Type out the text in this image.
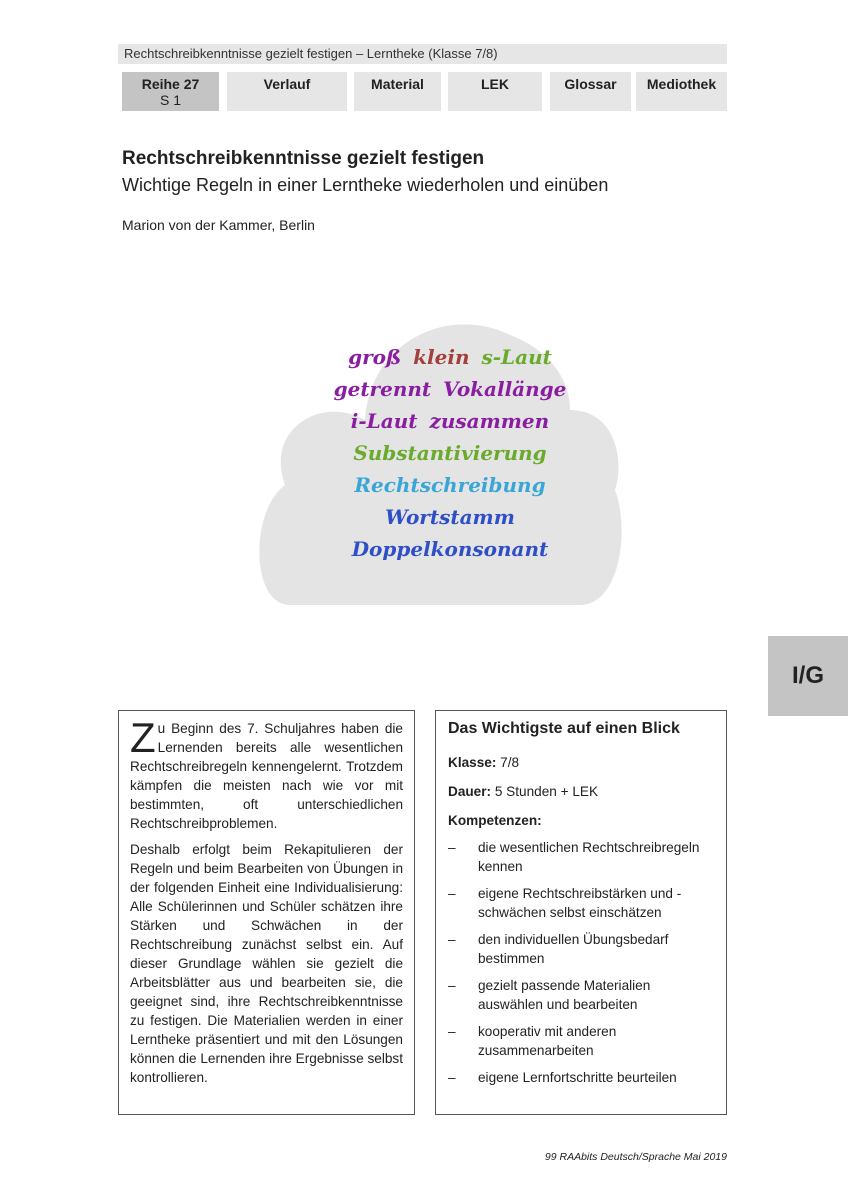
Rechtschreibkenntnisse gezielt festigen – Lerntheke (Klasse 7/8)
Reihe 27
S 1
Verlauf	Material	LEK	Glossar	Mediothek
Rechtschreibkenntnisse gezielt festigen
Wichtige Regeln in einer Lerntheke wiederholen und einüben
Marion von der Kammer, Berlin
groß klein s-Laut
getrennt Vokallänge
i-Laut zusammen
Substantivierung
Rechtschreibung
Wortstamm
Doppelkonsonant
I/G

Zu Beginn des 7. Schuljahres haben die Lernenden bereits alle wesentlichen Rechtschreibregeln kennengelernt. Trotzdem kämpfen die meisten nach wie vor mit bestimmten, oft unterschiedlichen Rechtschreibproblemen.

Deshalb erfolgt beim Rekapitulieren der Regeln und beim Bearbeiten von Übungen in der folgenden Einheit eine Individualisierung: Alle Schülerinnen und Schüler schätzen ihre Stärken und Schwächen in der Rechtschreibung zunächst selbst ein. Auf dieser Grundlage wählen sie gezielt die Arbeitsblätter aus und bearbeiten sie, die geeignet sind, ihre Rechtschreibkenntnisse zu festigen. Die Materialien werden in einer Lerntheke präsentiert und mit den Lösungen können die Lernenden ihre Ergebnisse selbst kontrollieren.

Das Wichtigste auf einen Blick
Klasse: 7/8
Dauer: 5 Stunden + LEK
Kompetenzen:
– die wesentlichen Rechtschreibregeln kennen
– eigene Rechtschreibstärken und -schwächen selbst einschätzen
– den individuellen Übungsbedarf bestimmen
– gezielt passende Materialien auswählen und bearbeiten
– kooperativ mit anderen zusammenarbeiten
– eigene Lernfortschritte beurteilen
99 RAAbits Deutsch/Sprache Mai 2019
